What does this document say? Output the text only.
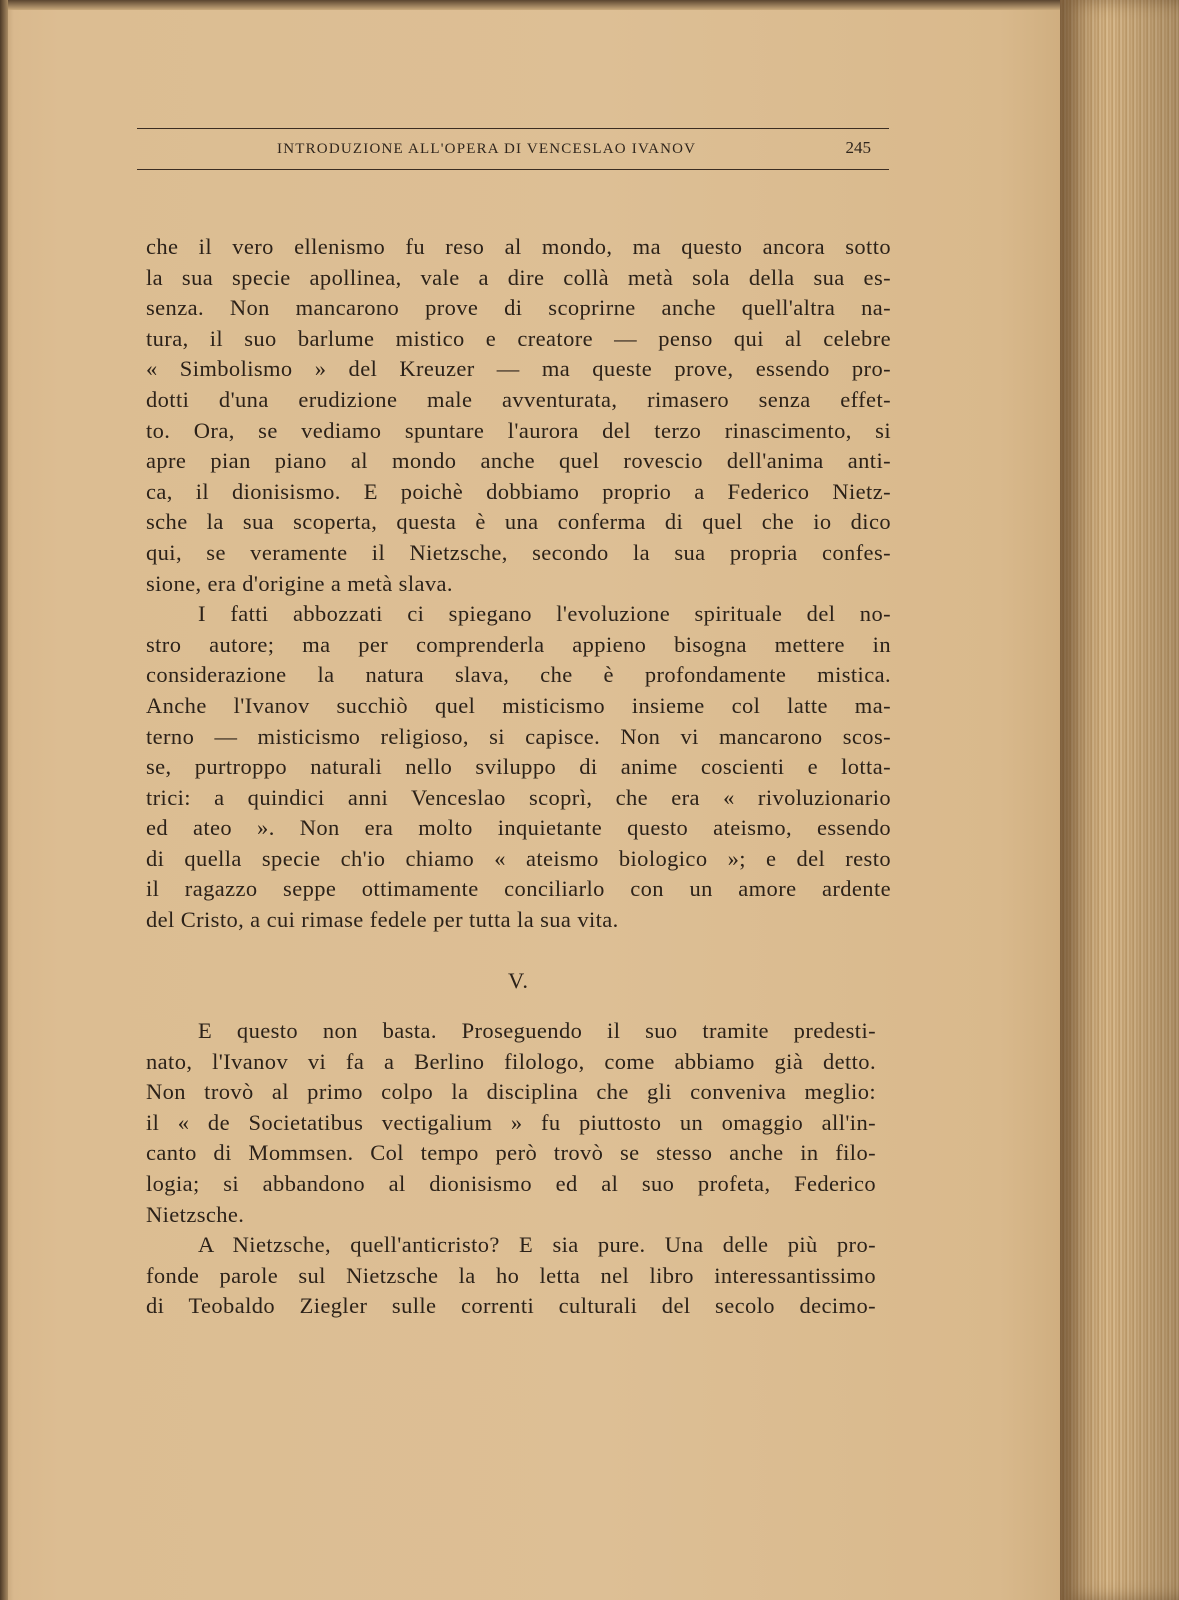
INTRODUZIONE ALL'OPERA DI VENCESLAO IVANOV	245
che il vero ellenismo fu reso al mondo, ma questo ancora sotto
la sua specie apollinea, vale a dire collà metà sola della sua es-
senza. Non mancarono prove di scoprirne anche quell'altra na-
tura, il suo barlume mistico e creatore — penso qui al celebre
« Simbolismo » del Kreuzer — ma queste prove, essendo pro-
dotti d'una erudizione male avventurata, rimasero senza effet-
to. Ora, se vediamo spuntare l'aurora del terzo rinascimento, si
apre pian piano al mondo anche quel rovescio dell'anima anti-
ca, il dionisismo. E poichè dobbiamo proprio a Federico Nietz-
sche la sua scoperta, questa è una conferma di quel che io dico
qui, se veramente il Nietzsche, secondo la sua propria confes-
sione, era d'origine a metà slava.
I fatti abbozzati ci spiegano l'evoluzione spirituale del no-
stro autore; ma per comprenderla appieno bisogna mettere in
considerazione la natura slava, che è profondamente mistica.
Anche l'Ivanov succhiò quel misticismo insieme col latte ma-
terno — misticismo religioso, si capisce. Non vi mancarono scos-
se, purtroppo naturali nello sviluppo di anime coscienti e lotta-
trici: a quindici anni Venceslao scoprì, che era « rivoluzionario
ed ateo ». Non era molto inquietante questo ateismo, essendo
di quella specie ch'io chiamo « ateismo biologico »; e del resto
il ragazzo seppe ottimamente conciliarlo con un amore ardente
del Cristo, a cui rimase fedele per tutta la sua vita.
V.
E questo non basta. Proseguendo il suo tramite predesti-
nato, l'Ivanov vi fa a Berlino filologo, come abbiamo già detto.
Non trovò al primo colpo la disciplina che gli conveniva meglio:
il « de Societatibus vectigalium » fu piuttosto un omaggio all'in-
canto di Mommsen. Col tempo però trovò se stesso anche in filo-
logia; si abbandono al dionisismo ed al suo profeta, Federico
Nietzsche.
A Nietzsche, quell'anticristo? E sia pure. Una delle più pro-
fonde parole sul Nietzsche la ho letta nel libro interessantissimo
di Teobaldo Ziegler sulle correnti culturali del secolo decimo-
